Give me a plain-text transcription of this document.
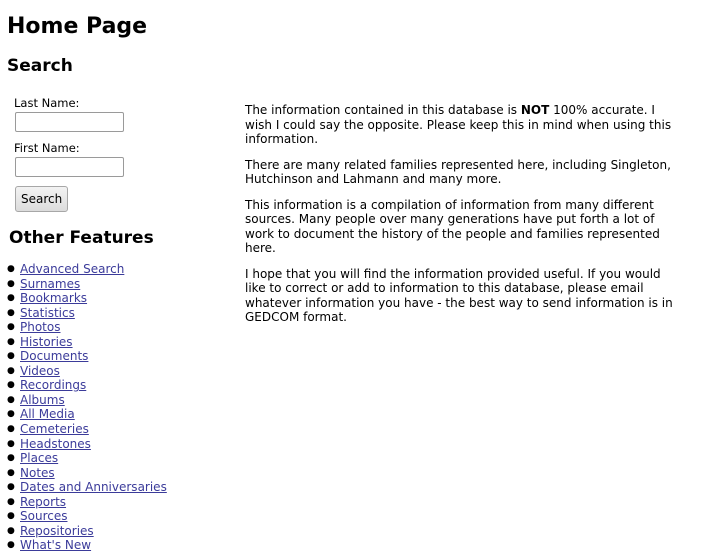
Home Page
Search
Last Name:
First Name:
Search
Other Features
● Advanced Search
● Surnames
● Bookmarks
● Statistics
● Photos
● Histories
● Documents
● Videos
● Recordings
● Albums
● All Media
● Cemeteries
● Headstones
● Places
● Notes
● Dates and Anniversaries
● Reports
● Sources
● Repositories
● What's New

The information contained in this database is NOT 100% accurate. I wish I could say the opposite. Please keep this in mind when using this information.

There are many related families represented here, including Singleton, Hutchinson and Lahmann and many more.

This information is a compilation of information from many different sources. Many people over many generations have put forth a lot of work to document the history of the people and families represented here.

I hope that you will find the information provided useful. If you would like to correct or add to information to this database, please email whatever information you have - the best way to send information is in GEDCOM format.
